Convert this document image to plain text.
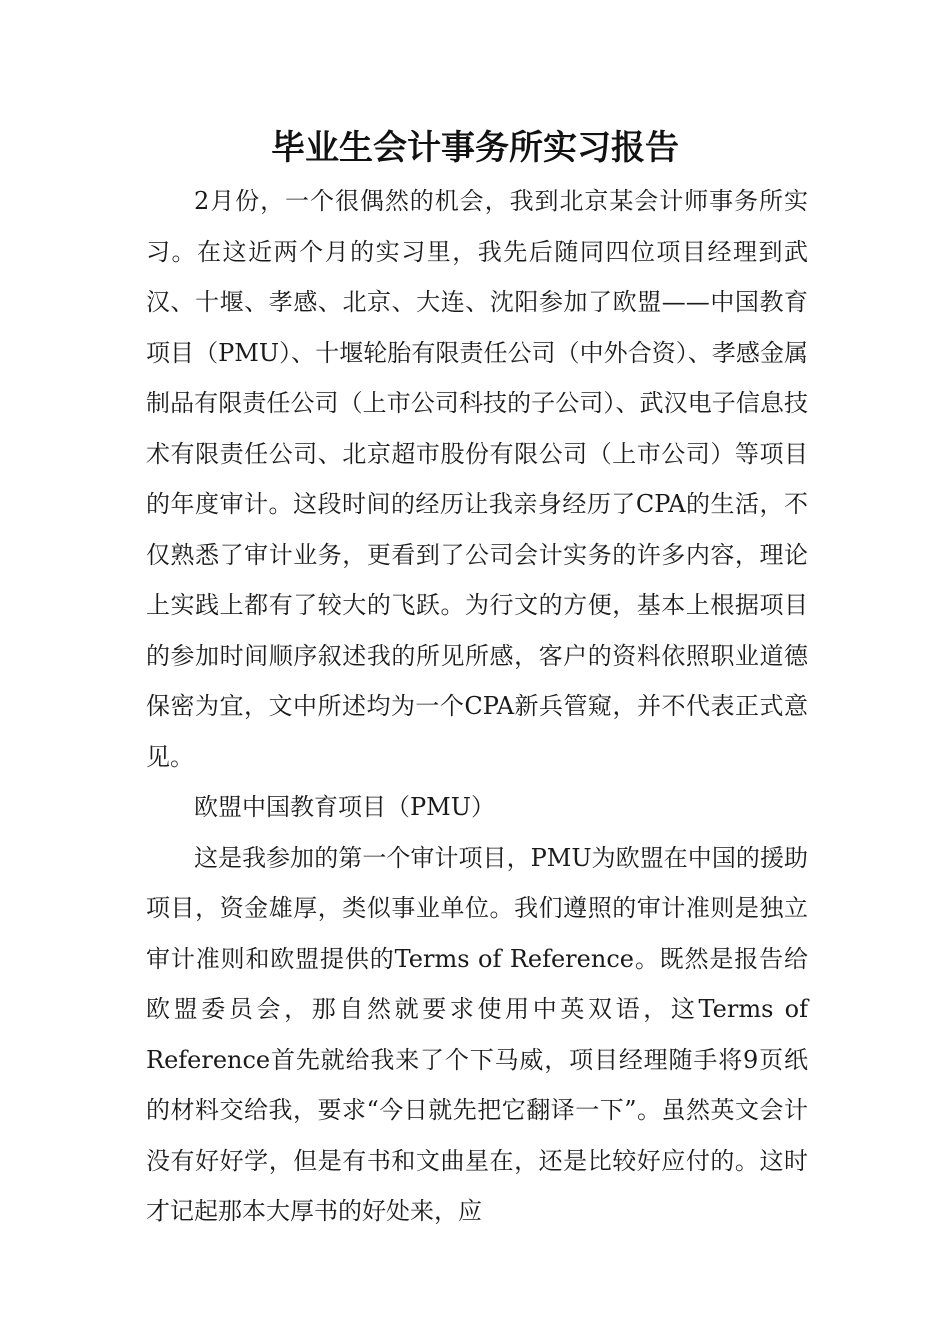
毕业生会计事务所实习报告

2月份，一个很偶然的机会，我到北京某会计师事务所实习。在这近两个月的实习里，我先后随同四位项目经理到武汉、十堰、孝感、北京、大连、沈阳参加了欧盟——中国教育项目（PMU）、十堰轮胎有限责任公司（中外合资）、孝感金属制品有限责任公司（上市公司科技的子公司）、武汉电子信息技术有限责任公司、北京超市股份有限公司（上市公司）等项目的年度审计。这段时间的经历让我亲身经历了CPA的生活，不仅熟悉了审计业务，更看到了公司会计实务的许多内容，理论上实践上都有了较大的飞跃。为行文的方便，基本上根据项目的参加时间顺序叙述我的所见所感，客户的资料依照职业道德保密为宜，文中所述均为一个CPA新兵管窥，并不代表正式意见。

欧盟中国教育项目（PMU）

这是我参加的第一个审计项目，PMU为欧盟在中国的援助项目，资金雄厚，类似事业单位。我们遵照的审计准则是独立审计准则和欧盟提供的Terms of Reference。既然是报告给欧盟委员会，那自然就要求使用中英双语，这Terms of Reference首先就给我来了个下马威，项目经理随手将9页纸的材料交给我，要求“今日就先把它翻译一下”。虽然英文会计没有好好学，但是有书和文曲星在，还是比较好应付的。这时才记起那本大厚书的好处来，应
